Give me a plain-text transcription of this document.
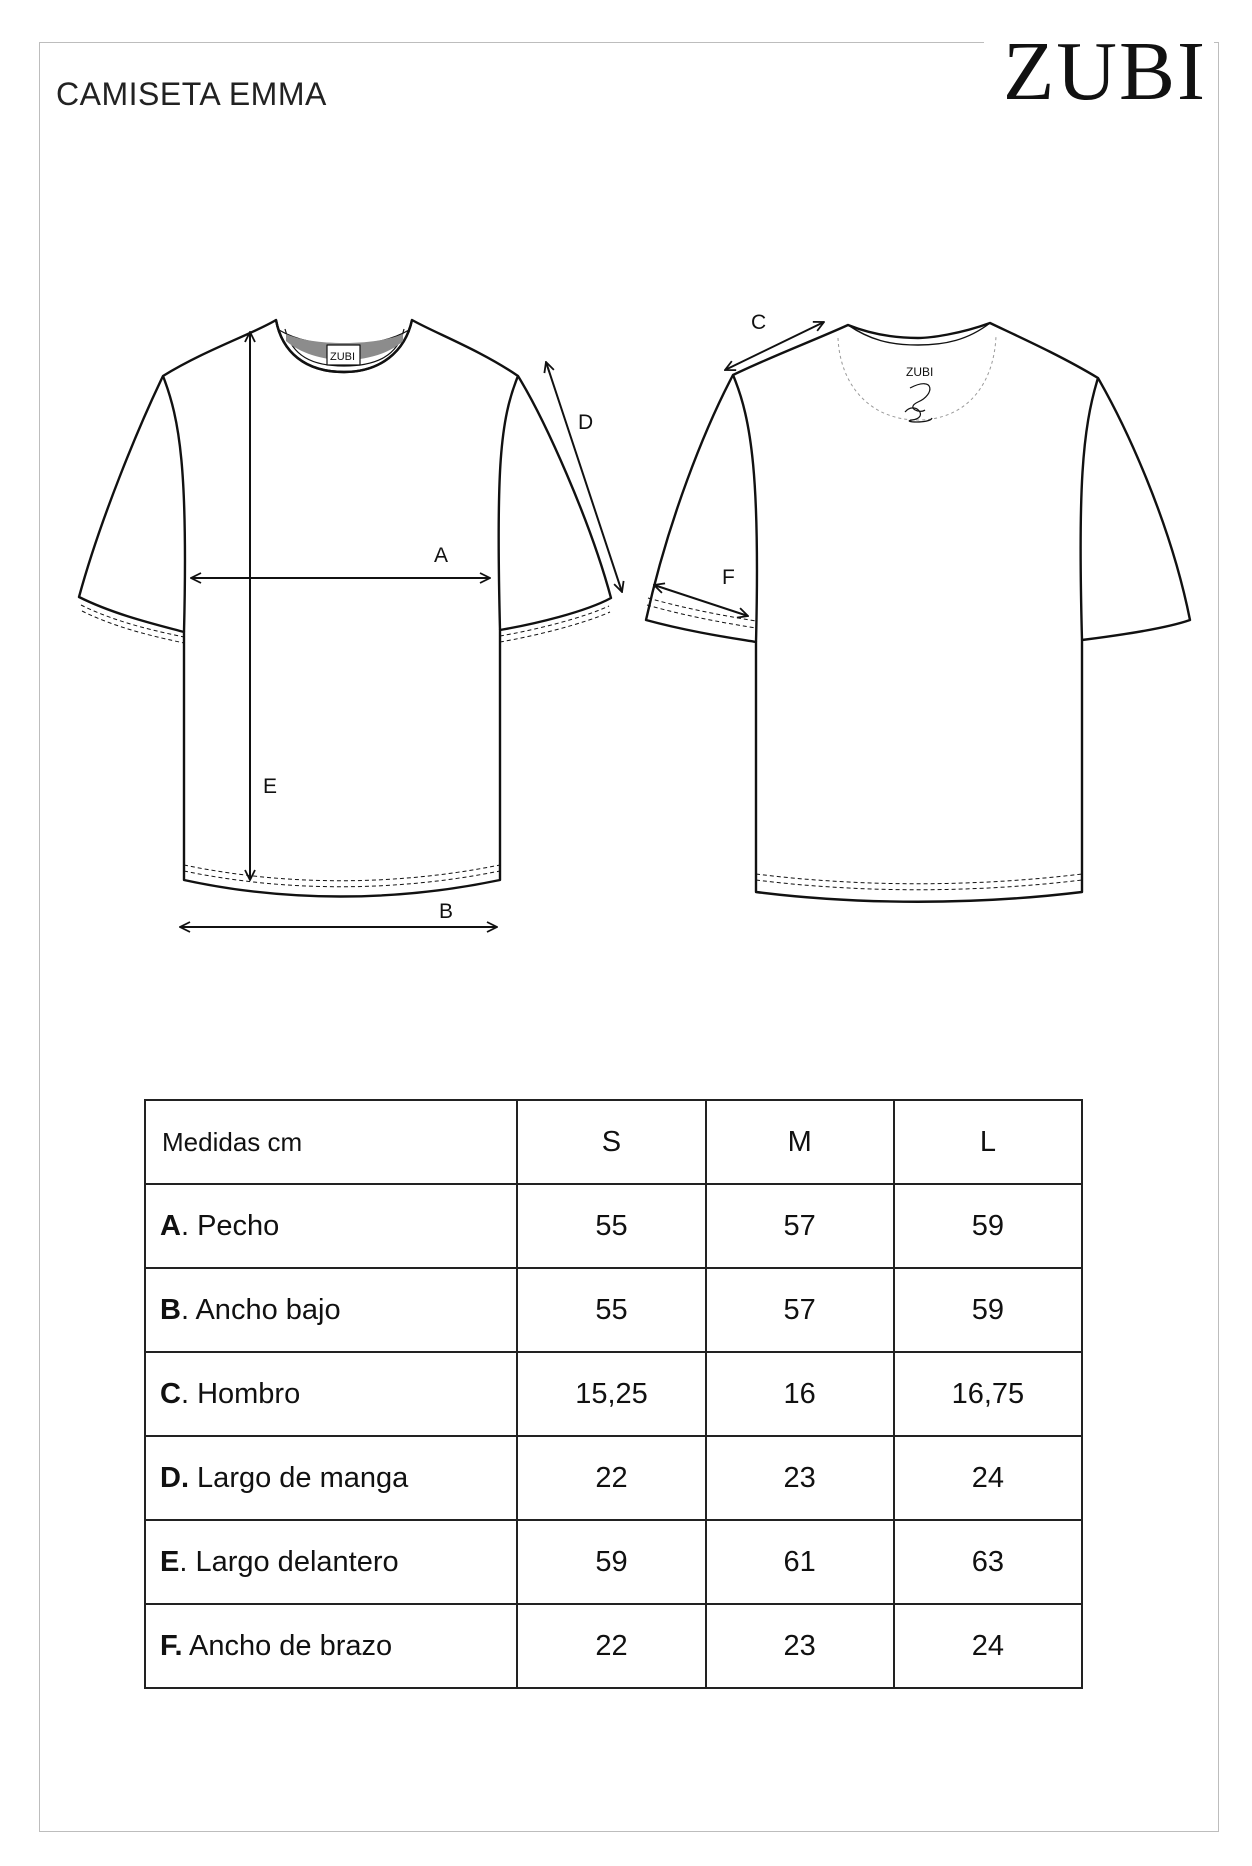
CAMISETA EMMA	ZUBI
ZUBI
A
B
D
E
ZUBI
C
F
Medidas cm	S	M	L
A. Pecho	55	57	59
B. Ancho bajo	55	57	59
C. Hombro	15,25	16	16,75
D. Largo de manga	22	23	24
E. Largo delantero	59	61	63
F. Ancho de brazo	22	23	24
